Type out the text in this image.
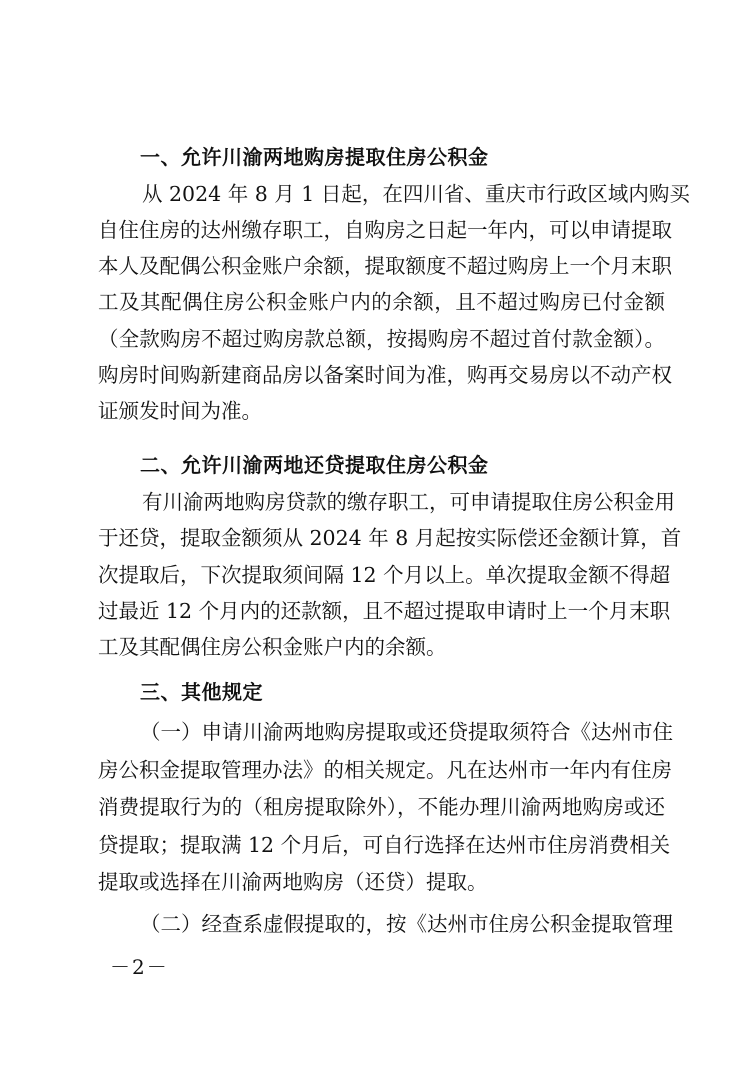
一、允许川渝两地购房提取住房公积金
从 2024 年 8 月 1 日起，在四川省、重庆市行政区域内购买
自住住房的达州缴存职工，自购房之日起一年内，可以申请提取
本人及配偶公积金账户余额，提取额度不超过购房上一个月末职
工及其配偶住房公积金账户内的余额，且不超过购房已付金额
（全款购房不超过购房款总额，按揭购房不超过首付款金额）。
购房时间购新建商品房以备案时间为准，购再交易房以不动产权
证颁发时间为准。
二、允许川渝两地还贷提取住房公积金
有川渝两地购房贷款的缴存职工，可申请提取住房公积金用
于还贷，提取金额须从 2024 年 8 月起按实际偿还金额计算，首
次提取后，下次提取须间隔 12 个月以上。单次提取金额不得超
过最近 12 个月内的还款额，且不超过提取申请时上一个月末职
工及其配偶住房公积金账户内的余额。
三、其他规定
（一）申请川渝两地购房提取或还贷提取须符合《达州市住
房公积金提取管理办法》的相关规定。凡在达州市一年内有住房
消费提取行为的（租房提取除外），不能办理川渝两地购房或还
贷提取；提取满 12 个月后，可自行选择在达州市住房消费相关
提取或选择在川渝两地购房（还贷）提取。
（二）经查系虚假提取的，按《达州市住房公积金提取管理
－2－
